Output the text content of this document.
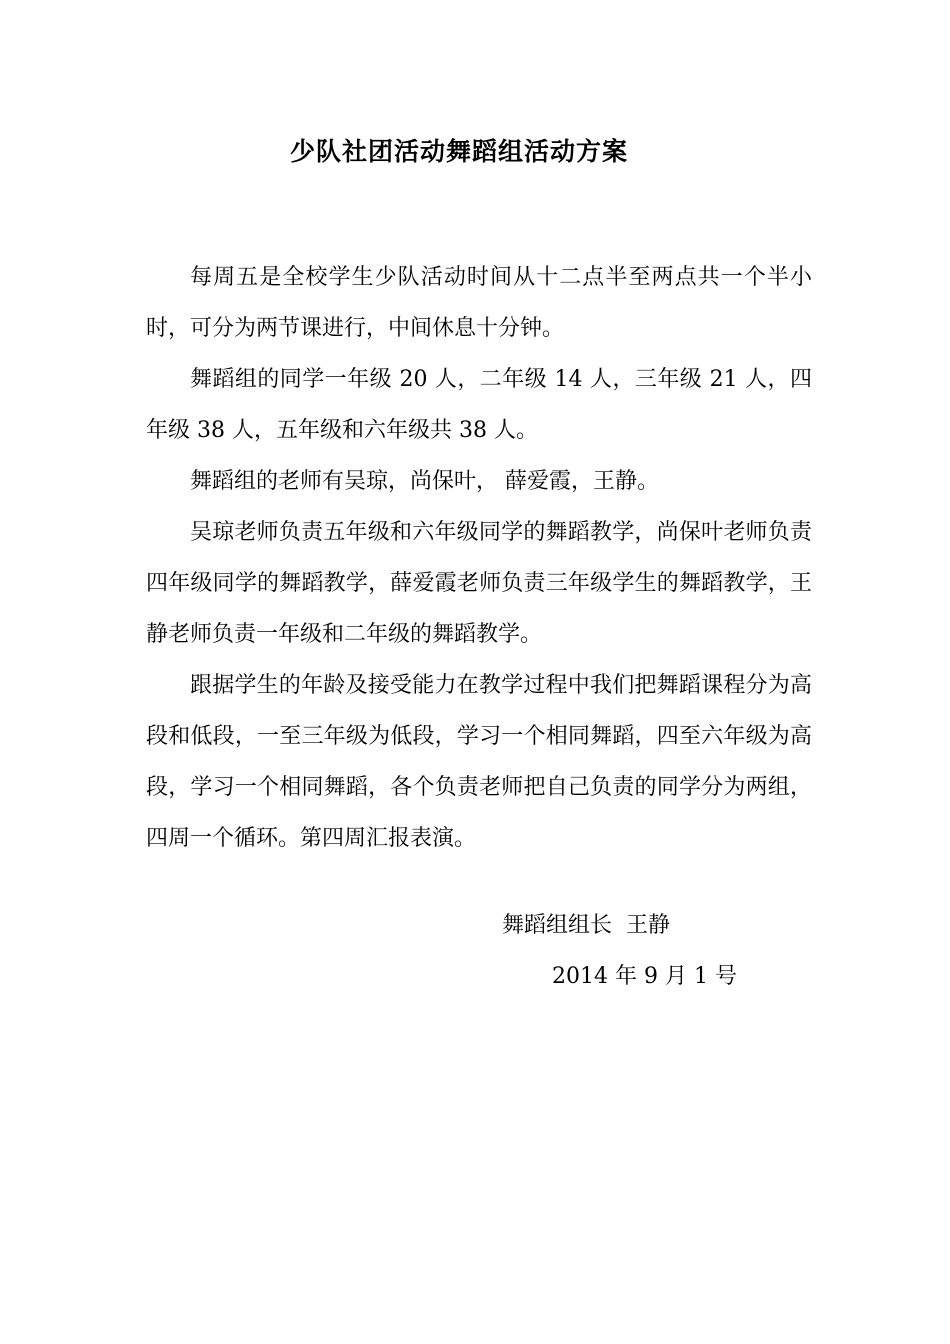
少队社团活动舞蹈组活动方案

每周五是全校学生少队活动时间从十二点半至两点共一个半小时，可分为两节课进行，中间休息十分钟。

舞蹈组的同学一年级 20 人，二年级 14 人，三年级 21 人，四年级 38 人，五年级和六年级共 38 人。

舞蹈组的老师有吴琼，尚保叶， 薛爱霞，王静。

吴琼老师负责五年级和六年级同学的舞蹈教学，尚保叶老师负责四年级同学的舞蹈教学，薛爱霞老师负责三年级学生的舞蹈教学，王静老师负责一年级和二年级的舞蹈教学。

跟据学生的年龄及接受能力在教学过程中我们把舞蹈课程分为高段和低段，一至三年级为低段，学习一个相同舞蹈，四至六年级为高段，学习一个相同舞蹈，各个负责老师把自己负责的同学分为两组，四周一个循环。第四周汇报表演。

舞蹈组组长  王静
2014 年 9 月 1 号
